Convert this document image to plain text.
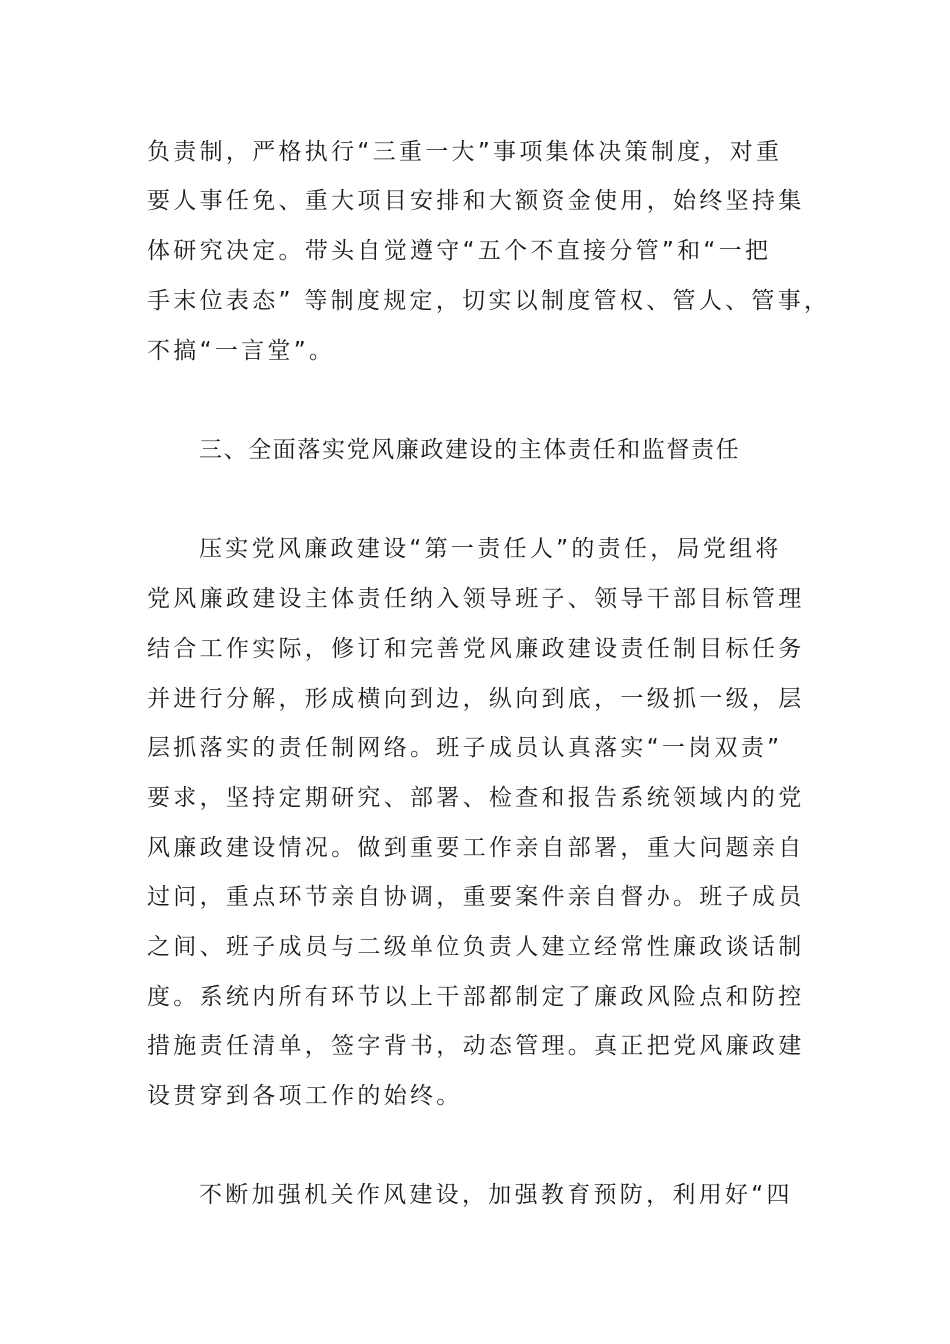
负责制，严格执行“三重一大”事项集体决策制度，对重
要人事任免、重大项目安排和大额资金使用，始终坚持集
体研究决定。带头自觉遵守“五个不直接分管”和“一把
手末位表态” 等制度规定，切实以制度管权、管人、管事，
不搞“一言堂”。
三、全面落实党风廉政建设的主体责任和监督责任
压实党风廉政建设“第一责任人”的责任，局党组将
党风廉政建设主体责任纳入领导班子、领导干部目标管理
结合工作实际，修订和完善党风廉政建设责任制目标任务
并进行分解，形成横向到边，纵向到底，一级抓一级，层
层抓落实的责任制网络。班子成员认真落实“一岗双责”
要求，坚持定期研究、部署、检查和报告系统领域内的党
风廉政建设情况。做到重要工作亲自部署，重大问题亲自
过问，重点环节亲自协调，重要案件亲自督办。班子成员
之间、班子成员与二级单位负责人建立经常性廉政谈话制
度。系统内所有环节以上干部都制定了廉政风险点和防控
措施责任清单，签字背书，动态管理。真正把党风廉政建
设贯穿到各项工作的始终。
不断加强机关作风建设，加强教育预防，利用好“四
